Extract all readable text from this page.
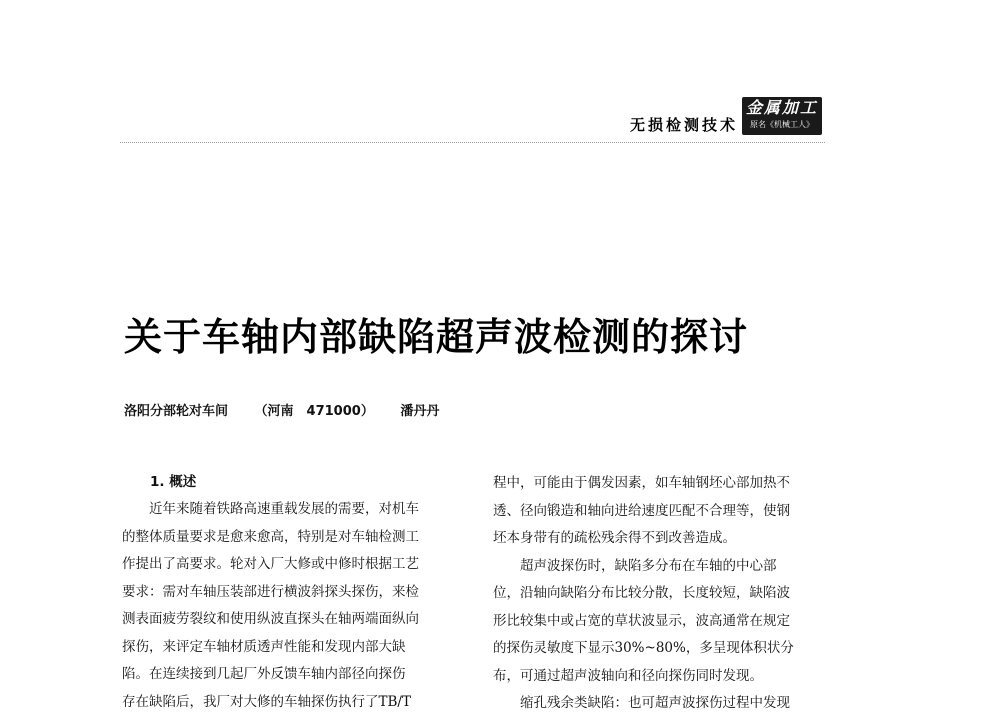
无损检测技术
金属加工
原名《机械工人》
关于车轴内部缺陷超声波检测的探讨
洛阳分部轮对车间 （河南　471000） 潘丹丹
1. 概述
近年来随着铁路高速重载发展的需要，对机车
的整体质量要求是愈来愈高，特别是对车轴检测工
作提出了高要求。轮对入厂大修或中修时根据工艺
要求：需对车轴压装部进行横波斜探头探伤，来检
测表面疲劳裂纹和使用纵波直探头在轴两端面纵向
探伤，来评定车轴材质透声性能和发现内部大缺
陷。在连续接到几起厂外反馈车轴内部径向探伤
存在缺陷后，我厂对大修的车轴探伤执行了TB/T
程中，可能由于偶发因素，如车轴钢坯心部加热不
透、径向锻造和轴向进给速度匹配不合理等，使钢
坯本身带有的疏松残余得不到改善造成。
超声波探伤时，缺陷多分布在车轴的中心部
位，沿轴向缺陷分布比较分散，长度较短，缺陷波
形比较集中或占宽的草状波显示，波高通常在规定
的探伤灵敏度下显示30%~80%，多呈现体积状分
布，可通过超声波轴向和径向探伤同时发现。
缩孔残余类缺陷：也可超声波探伤过程中发现
